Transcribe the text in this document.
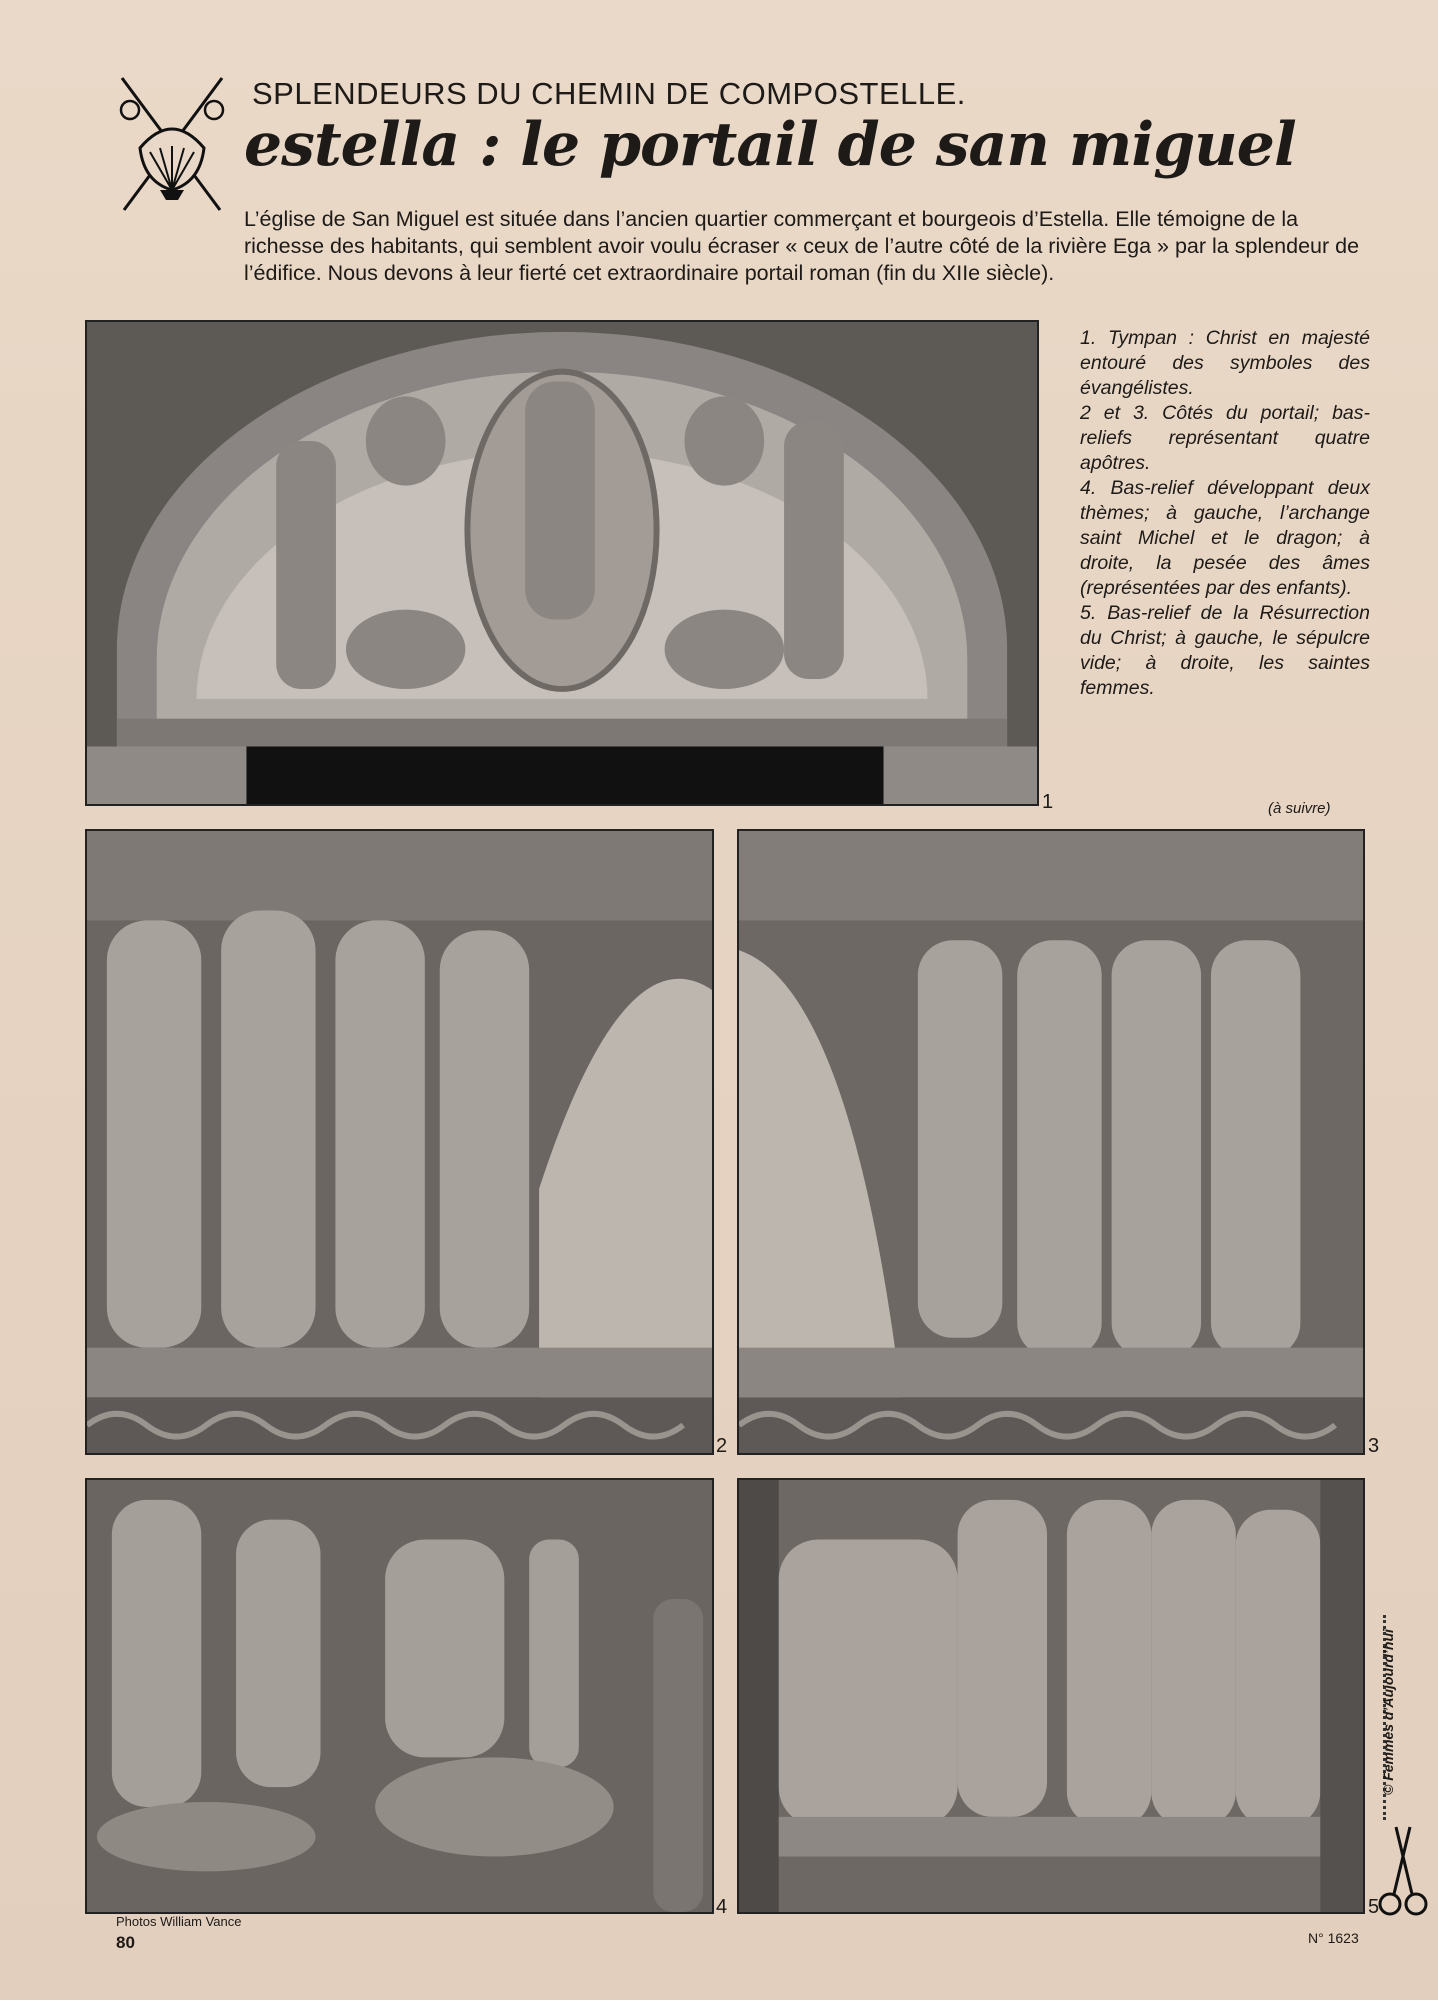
SPLENDEURS DU CHEMIN DE COMPOSTELLE.
estella : le portail de san miguel
L’église de San Miguel est située dans l’ancien quartier commerçant et bourgeois d’Estella. Elle témoigne de la richesse des habitants, qui semblent avoir voulu écraser « ceux de l’autre côté de la rivière Ega » par la splendeur de l’édifice. Nous devons à leur fierté cet extraordinaire portail roman (fin du XIIe siècle).
1

1. Tympan : Christ en majesté entouré des symboles des évangélistes.

2 et 3. Côtés du portail; bas-reliefs représentant quatre apôtres.

4. Bas-relief développant deux thèmes; à gauche, l’archange saint Michel et le dragon; à droite, la pesée des âmes (représentées par des enfants).

5. Bas-relief de la Résurrection du Christ; à gauche, le sépulcre vide; à droite, les saintes femmes.

(à suivre)
2	3
4	5
Photos William Vance
80	N° 1623
© Femmes d’Aujourd’hui
